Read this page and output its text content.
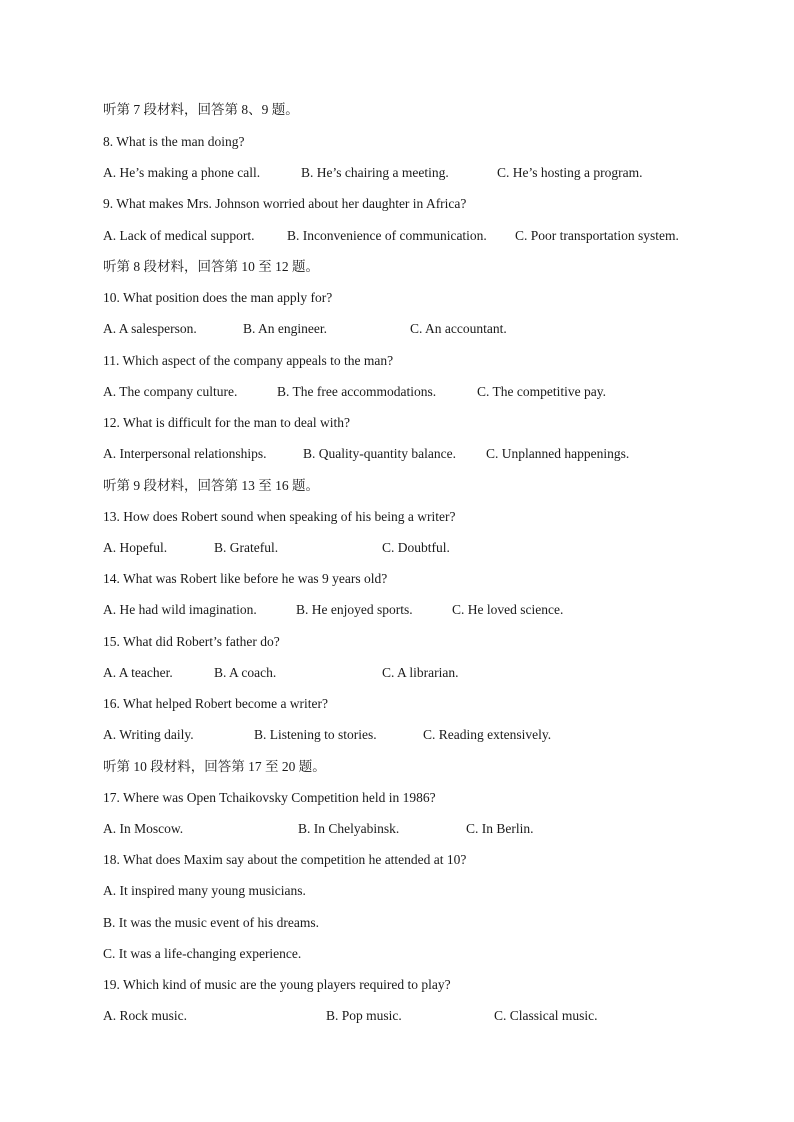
听第 7 段材料，回答第 8、9 题。
8. What is the man doing?
A. He’s making a phone call.	B. He’s chairing a meeting.	C. He’s hosting a program.
9. What makes Mrs. Johnson worried about her daughter in Africa?
A. Lack of medical support. B. Inconvenience of communication. C. Poor transportation system.
听第 8 段材料，回答第 10 至 12 题。
10. What position does the man apply for?
A. A salesperson.	B. An engineer.	C. An accountant.
11. Which aspect of the company appeals to the man?
A. The company culture.	B. The free accommodations.	C. The competitive pay.
12. What is difficult for the man to deal with?
A. Interpersonal relationships.	B. Quality-quantity balance. C. Unplanned happenings.
听第 9 段材料，回答第 13 至 16 题。
13. How does Robert sound when speaking of his being a writer?
A. Hopeful.	B. Grateful.	C. Doubtful.
14. What was Robert like before he was 9 years old?
A. He had wild imagination.	B. He enjoyed sports.	C. He loved science.
15. What did Robert’s father do?
A. A teacher.	B. A coach.	C. A librarian.
16. What helped Robert become a writer?
A. Writing daily.	B. Listening to stories.	C. Reading extensively.
听第 10 段材料，回答第 17 至 20 题。
17. Where was Open Tchaikovsky Competition held in 1986?
A. In Moscow.	B. In Chelyabinsk.	C. In Berlin.
18. What does Maxim say about the competition he attended at 10?
A. It inspired many young musicians.
B. It was the music event of his dreams.
C. It was a life-changing experience.
19. Which kind of music are the young players required to play?
A. Rock music.	B. Pop music.	C. Classical music.
